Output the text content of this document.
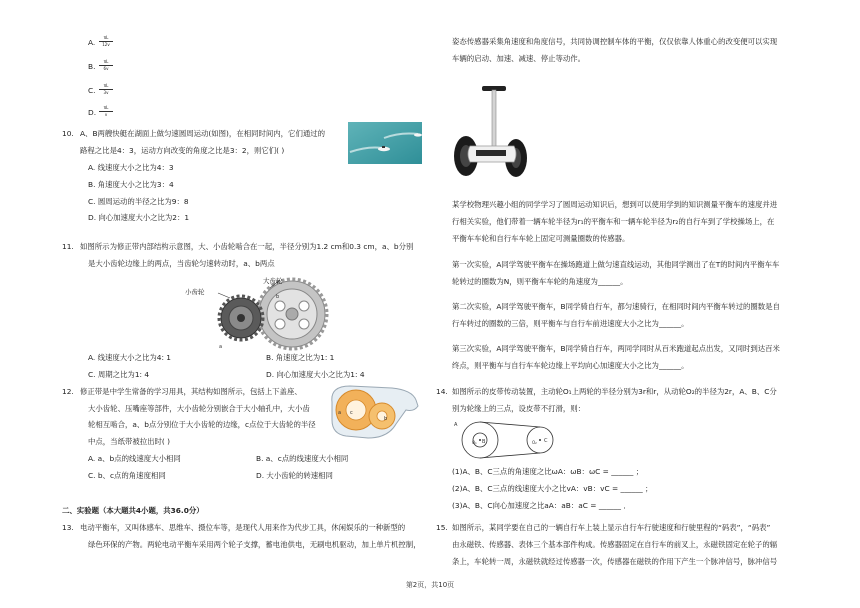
A.
πL
12v
B.
πL
6v
C.
πL
3v
D.
πL
v
10. A、B两艘快艇在湖面上做匀速圆周运动(如图)，在相同时间内，它们通过的
路程之比是4：3，运动方向改变的角度之比是3：2，则它们( )
A. 线速度大小之比为4：3
B. 角速度大小之比为3：4
C. 圆周运动的半径之比为9：8
D. 向心加速度大小之比为2：1
11. 如图所示为修正带内部结构示意图，大、小齿轮啮合在一起，半径分别为1.2 cm和0.3 cm，a、b分别
是大小齿轮边缘上的两点，当齿轮匀速转动时，a、b两点
a
b
大齿轮
小齿轮
A. 线速度大小之比为4: 1	B. 角速度之比为1: 1
C. 周期之比为1: 4	D. 向心加速度大小之比为1: 4
12. 修正带是中学生常备的学习用具，其结构如图所示，包括上下盖座、
大小齿轮、压嘴座等部件，大小齿轮分别嵌合于大小轴孔中，大小齿
轮相互啮合，a、b点分别位于大小齿轮的边缘，c点位于大齿轮的半径
中点，当纸带被拉出时( )
a c
b
A. a、b点的线速度大小相同	B. a、c点的线速度大小相同
C. b、c点的角速度相同	D. 大小齿轮的转速相同
二、实验题（本大题共4小题，共36.0分）
13. 电动平衡车，又叫体感车、思维车、摄位车等，是现代人用来作为代步工具，休闲娱乐的一种新型的
绿色环保的产物。两轮电动平衡车采用两个轮子支撑，蓄电池供电，无刷电机驱动，加上单片机控制，
姿态传感器采集角速度和角度信号，共同协调控制车体的平衡，仅仅依靠人体重心的改变便可以实现
车辆的启动、加速、减速、停止等动作。
某学校物理兴趣小组的同学学习了圆周运动知识后，想到可以使用学到的知识测量平衡车的速度并进
行相关实验，他们带着一辆车轮半径为r₁的平衡车和一辆车轮半径为r₂的自行车到了学校操场上，在
平衡车车轮和自行车车轮上固定可测量圈数的传感器。
第一次实验，A同学驾驶平衡车在操场跑道上做匀速直线运动，其他同学测出了在T的时间内平衡车车
轮转过的圈数为N，则平衡车车轮的角速度为______。
第二次实验，A同学驾驶平衡车，B同学骑自行车，都匀速骑行，在相同时间内平衡车转过的圈数是自
行车转过的圈数的三倍，则平衡车与自行车前进速度大小之比为______。
第三次实验，A同学驾驶平衡车，B同学骑自行车，两同学同时从百米跑道起点出发，又同时到达百米
终点，则平衡车与自行车车轮边缘上平均向心加速度大小之比为______。
14. 如图所示的皮带传动装置，主动轮O₁上两轮的半径分别为3r和r，从动轮O₂的半径为2r，A、B、C分
别为轮缘上的三点，设皮带不打滑，则：
A
B	C
O₁	O₂
(1)A、B、C三点的角速度之比ωA：ωB：ωC = ______ ；
(2)A、B、C三点的线速度大小之比vA：vB：vC = ______ ；
(3)A、B、C向心加速度之比aA：aB：aC = ______ ．
15. 如图所示，某同学要在自己的一辆自行车上装上显示自行车行驶速度和行驶里程的“码表”，“码表”
由永磁铁、传感器、表体三个基本部件构成。传感器固定在自行车的前叉上，永磁铁固定在轮子的辐
条上，车轮转一周，永磁铁就经过传感器一次，传感器在磁铁的作用下产生一个脉冲信号，脉冲信号
第2页，共10页
